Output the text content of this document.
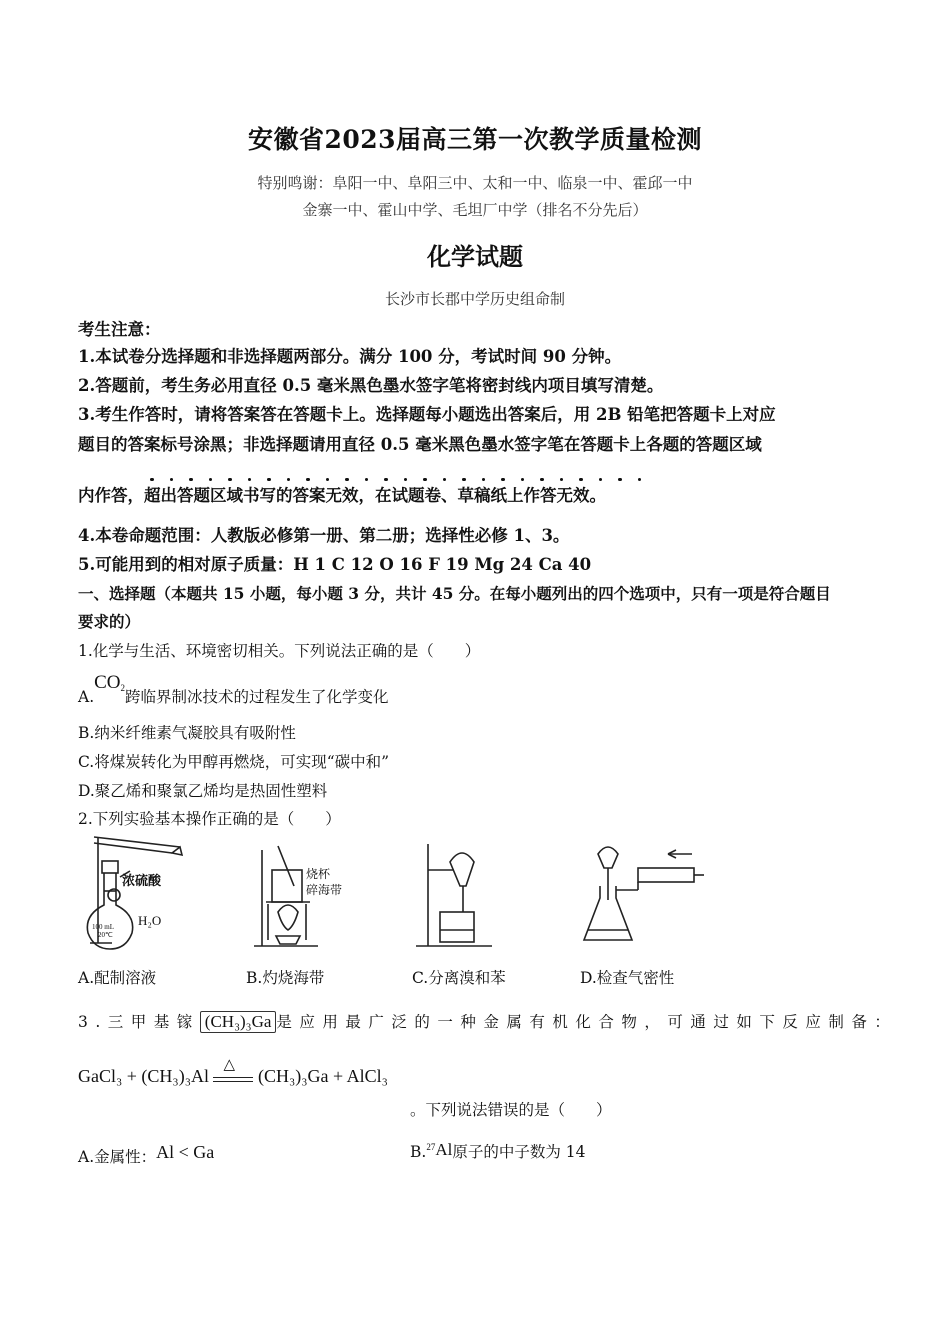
安徽省2023届高三第一次教学质量检测
特别鸣谢：阜阳一中、阜阳三中、太和一中、临泉一中、霍邱一中
金寨一中、霍山中学、毛坦厂中学（排名不分先后）
化学试题
长沙市长郡中学历史组命制
考生注意：
1.本试卷分选择题和非选择题两部分。满分 100 分，考试时间 90 分钟。
2.答题前，考生务必用直径 0.5 毫米黑色墨水签字笔将密封线内项目填写清楚。
3.考生作答时，请将答案答在答题卡上。选择题每小题选出答案后，用 2B 铅笔把答题卡上对应
题目的答案标号涂黑；非选择题请用直径 0.5 毫米黑色墨水签字笔在答题卡上各题的答题区域
内作答，超出答题区域书写的答案无效，在试题卷、草稿纸上作答无效。
4.本卷命题范围：人教版必修第一册、第二册；选择性必修 1、3。
5.可能用到的相对原子质量：H 1 C 12 O 16 F 19 Mg 24 Ca 40
一、选择题（本题共 15 小题，每小题 3 分，共计 45 分。在每小题列出的四个选项中，只有一项是符合题目
要求的）
1.化学与生活、环境密切相关。下列说法正确的是（　　）
A.CO2跨临界制冰技术的过程发生了化学变化
B.纳米纤维素气凝胶具有吸附性
C.将煤炭转化为甲醇再燃烧，可实现“碳中和”
D.聚乙烯和聚氯乙烯均是热固性塑料
2.下列实验基本操作正确的是（　　）
浓硫酸
H₂O
100 mL
20℃
烧杯
碎海带
A.配制溶液	B.灼烧海带	C.分离溴和苯	D.检查气密性
3.三甲基镓 (CH₃)₃Ga 是应用最广泛的一种金属有机化合物，可通过如下反应制备：
GaCl₃ + (CH₃)₃Al
△
(CH₃)₃Ga + AlCl₃
。下列说法错误的是（　　）
A.金属性：Al < Ga	B.$^{27}$Al原子的中子数为 14
